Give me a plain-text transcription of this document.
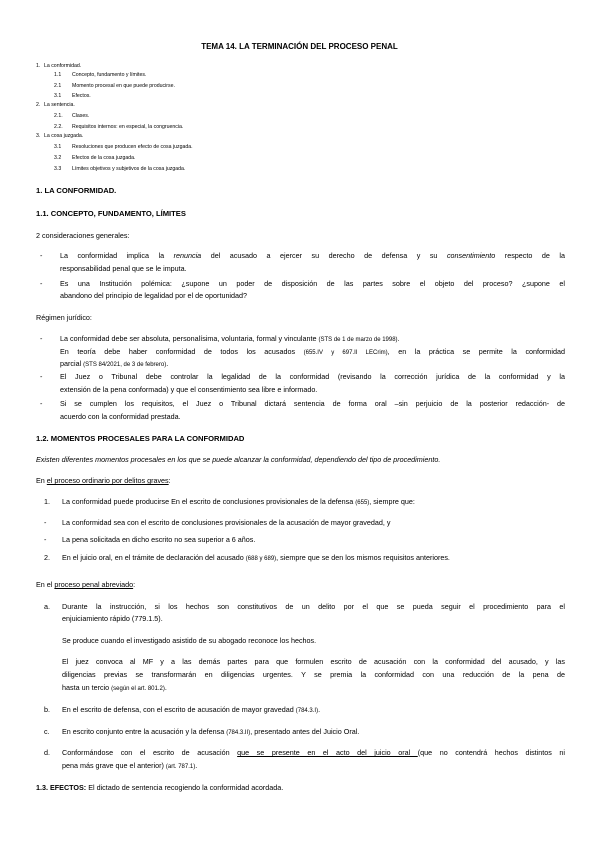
TEMA 14. LA TERMINACIÓN DEL PROCESO PENAL
1. La conformidad.
1.1 Concepto, fundamento y límites.
2.1 Momento procesal en que puede producirse.
3.1 Efectos.
2. La sentencia.
2.1. Clases.
2.2. Requisitos internos: en especial, la congruencia.
3. La cosa juzgada.
3.1 Resoluciones que producen efecto de cosa juzgada.
3.2 Efectos de la cosa juzgada.
3.3 Límites objetivos y subjetivos de la cosa juzgada.
1. LA CONFORMIDAD.
1.1. CONCEPTO, FUNDAMENTO, LÍMITES
2 consideraciones generales:
- La conformidad implica la renuncia del acusado a ejercer su derecho de defensa y su consentimiento respecto de la
responsabilidad penal que se le imputa.
- Es una Institución polémica: ¿supone un poder de disposición de las partes sobre el objeto del proceso? ¿supone el
abandono del principio de legalidad por el de oportunidad?
Régimen jurídico:
- La conformidad debe ser absoluta, personalísima, voluntaria, formal y vinculante (STS de 1 de marzo de 1998).
En teoría debe haber conformidad de todos los acusados (655.IV y 697.II LECrim), en la práctica se permite la conformidad
parcial (STS 84/2021, de 3 de febrero).
- El Juez o Tribunal debe controlar la legalidad de la conformidad (revisando la corrección jurídica de la conformidad y la
extensión de la pena conformada) y que el consentimiento sea libre e informado.
- Si se cumplen los requisitos, el Juez o Tribunal dictará sentencia de forma oral –sin perjuicio de la posterior redacción- de
acuerdo con la conformidad prestada.
1.2. MOMENTOS PROCESALES PARA LA CONFORMIDAD
Existen diferentes momentos procesales en los que se puede alcanzar la conformidad, dependiendo del tipo de procedimiento.
En el proceso ordinario por delitos graves:
1. La conformidad puede producirse En el escrito de conclusiones provisionales de la defensa (655), siempre que:
- La conformidad sea con el escrito de conclusiones provisionales de la acusación de mayor gravedad, y
- La pena solicitada en dicho escrito no sea superior a 6 años.
2. En el juicio oral, en el trámite de declaración del acusado (688 y 689), siempre que se den los mismos requisitos anteriores.
En el proceso penal abreviado:
a. Durante la instrucción, si los hechos son constitutivos de un delito por el que se pueda seguir el procedimiento para el
enjuiciamiento rápido (779.1.5).
Se produce cuando el investigado asistido de su abogado reconoce los hechos.
El juez convoca al MF y a las demás partes para que formulen escrito de acusación con la conformidad del acusado, y las
diligencias previas se transformarán en diligencias urgentes. Y se premia la conformidad con una reducción de la pena de
hasta un tercio (según el art. 801.2).
b. En el escrito de defensa, con el escrito de acusación de mayor gravedad (784.3.I).
c. En escrito conjunto entre la acusación y la defensa (784.3.II), presentado antes del Juicio Oral.
d. Conformándose con el escrito de acusación que se presente en el acto del juicio oral (que no contendrá hechos distintos ni
pena más grave que el anterior) (art. 787.1).
1.3. EFECTOS: El dictado de sentencia recogiendo la conformidad acordada.
